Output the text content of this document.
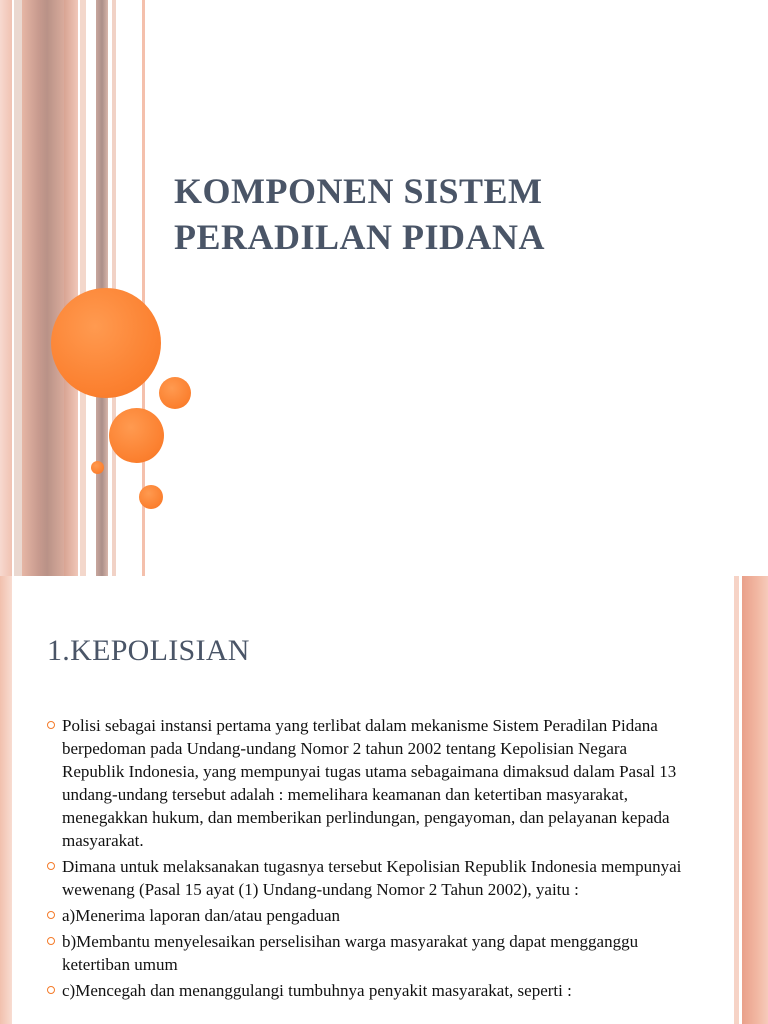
KOMPONEN SISTEM
PERADILAN PIDANA
1.KEPOLISIAN
Polisi sebagai instansi pertama yang terlibat dalam mekanisme Sistem Peradilan Pidana berpedoman pada Undang-undang Nomor 2 tahun 2002 tentang Kepolisian Negara Republik Indonesia, yang mempunyai tugas utama sebagaimana dimaksud dalam Pasal 13 undang-undang tersebut adalah : memelihara keamanan dan ketertiban masyarakat, menegakkan hukum, dan memberikan perlindungan, pengayoman, dan pelayanan kepada masyarakat.
Dimana untuk melaksanakan tugasnya tersebut Kepolisian Republik Indonesia mempunyai wewenang (Pasal 15 ayat (1) Undang-undang Nomor 2 Tahun 2002), yaitu :
a)Menerima laporan dan/atau pengaduan
b)Membantu menyelesaikan perselisihan warga masyarakat yang dapat mengganggu ketertiban umum
c)Mencegah dan menanggulangi tumbuhnya penyakit masyarakat, seperti :
